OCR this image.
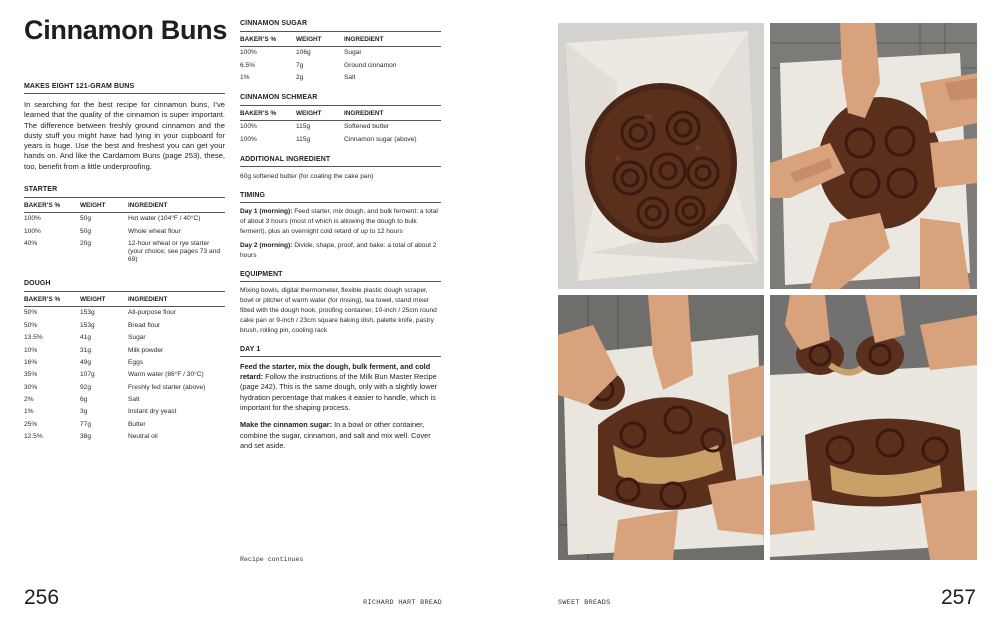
Cinnamon Buns
MAKES EIGHT 121-GRAM BUNS

In searching for the best recipe for cinnamon buns, I’ve learned that the quality of the cinnamon is super important. The difference between freshly ground cinnamon and the dusty stuff you might have had lying in your cupboard for years is huge. Use the best and freshest you can get your hands on. And like the Cardamom Buns (page 253), these, too, benefit from a little underproofing.

STARTER
BAKER’S %	WEIGHT	INGREDIENT
100%	50g	Hot water (104°F / 40°C)
100%	50g	Whole wheat flour
40%	20g	12-hour wheat or rye starter (your choice; see pages 73 and 69)
DOUGH
BAKER’S %	WEIGHT	INGREDIENT
50%	153g	All-purpose flour
50%	153g	Bread flour
13.5%	41g	Sugar
10%	31g	Milk powder
16%	49g	Eggs
35%	107g	Warm water (86°F / 30°C)
30%	92g	Freshly fed starter (above)
2%	6g	Salt
1%	3g	Instant dry yeast
25%	77g	Butter
12.5%	38g	Neutral oil
CINNAMON SUGAR
BAKER’S %	WEIGHT	INGREDIENT
100%	106g	Sugar
6.5%	7g	Ground cinnamon
1%	2g	Salt
CINNAMON SCHMEAR
BAKER’S %	WEIGHT	INGREDIENT
100%	115g	Softened butter
100%	115g	Cinnamon sugar (above)
ADDITIONAL INGREDIENT

60g softened butter (for coating the cake pan)

TIMING

Day 1 (morning): Feed starter, mix dough, and bulk ferment: a total of about 3 hours (most of which is allowing the dough to bulk ferment), plus an overnight cold retard of up to 12 hours

Day 2 (morning): Divide, shape, proof, and bake: a total of about 2 hours

EQUIPMENT

Mixing bowls, digital thermometer, flexible plastic dough scraper, bowl or pitcher of warm water (for rinsing), tea towel, stand mixer fitted with the dough hook, proofing container, 10-inch / 25cm round cake pan or 9-inch / 23cm square baking dish, palette knife, pastry brush, rolling pin, cooling rack

DAY 1

Feed the starter, mix the dough, bulk ferment, and cold retard: Follow the instructions of the Milk Bun Master Recipe (page 242). This is the same dough, only with a slightly lower hydration percentage that makes it easier to handle, which is important for the shaping process.

Make the cinnamon sugar: In a bowl or other container, combine the sugar, cinnamon, and salt and mix well. Cover and set aside.

Recipe continues
256	RICHARD HART BREAD	SWEET BREADS	257
